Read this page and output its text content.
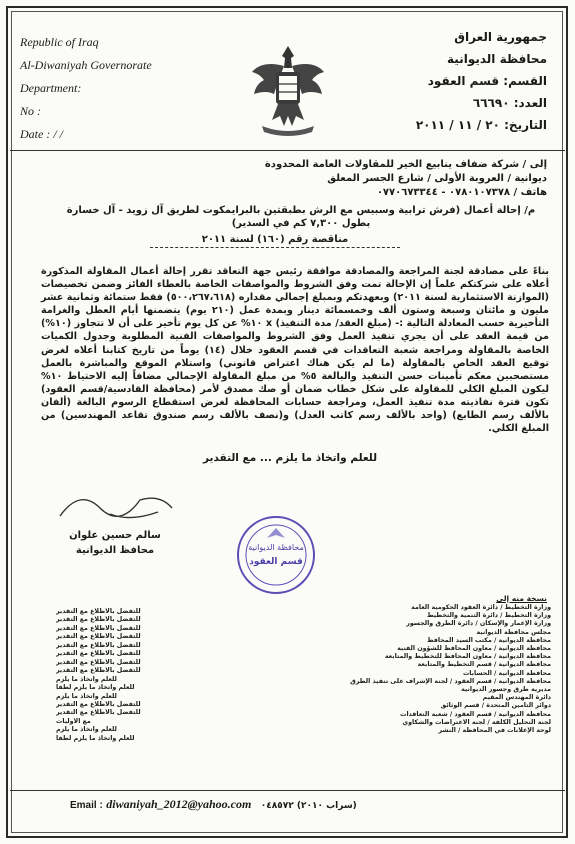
Republic of Iraq
Al-Diwaniyah Governorate
Department:
No :
Date : / /
جمهورية العراق
محافظة الديوانية
القسم: قسم العقود
العدد: ٦٦٦٩٠
التاريخ: ٢٠ / ١١ / ٢٠١١
إلى / شركة ضفاف ينابيع الخير للمقاولات العامة المحدودة
ديوانية / العروبة الأولى / شارع الجسر المعلق
هاتف / ٠٧٨٠١٠٧٣٧٨ - ٠٧٧٠٦٧٣٣٤٤
م/ إحالة أعمال (فرش ترابية وسبيس مع الرش بطبقتين بالبرايمكوت لطريق آل زويد - آل خسارة بطول ٧,٣٠٠ كم في السدير)
مناقصة رقم (١٦٠) لسنة ٢٠١١
بناءً على مصادقة لجنة المراجعة والمصادقة موافقة رئيس جهة التعاقد تقرر إحالة أعمال المقاولة المذكورة أعلاه على شركتكم علماً إن الإحالة تمت وفق الشروط والمواصفات الخاصة بالعطاء الفائز وضمن تخصيصات (الموازنة الاستثمارية لسنة ٢٠١١) وبعهدتكم وبمبلغ إجمالي مقداره (٥٠٠،٢٦٧،٦١٨) فقط ستمائة وثمانية عشر مليون و مائتان وسبعة وستون ألف وخمسمائة دينار وبمدة عمل (٢١٠ يوم) يتضمنها أيام العطل والغرامة التأخيرية حسب المعادلة التالية :- (مبلغ العقد/ مدة التنفيذ) x ١٠% عن كل يوم تأخير على أن لا تتجاوز (١٠%) من قيمة العقد على أن يجري تنفيذ العمل وفق الشروط والمواصفات الفنية المطلوبة وجدول الكميات الخاصة بالمقاولة ومراجعة شعبة التعاقدات في قسم العقود خلال (١٤) يوماً من تاريخ كتابنا أعلاه لغرض توقيع العقد الخاص بالمقاولة (ما لم يكن هناك اعتراض قانوني) واستلام الموقع والمباشرة بالعمل مستصحبين معكم تأمينات حسن التنفيذ والبالغة ٥% من مبلغ المقاولة الإجمالي مضافاً إليه الاحتياط ١٠% ليكون المبلغ الكلي للمقاولة على شكل خطاب ضمان أو صك مصدق لأمر (محافظة القادسية/قسم العقود) تكون فترة نفاذيته مدة تنفيذ العمل، ومراجعة حسابات المحافظة لغرض استقطاع الرسوم البالغة (ألفان بالألف رسم الطابع) (واحد بالألف رسم كاتب العدل) و(نصف بالألف رسم صندوق تقاعد المهندسين) من المبلغ الكلي.
للعلم واتخاذ ما يلزم ... مع التقدير
سالم حسين علوان
محافظ الديوانية	محافظة الديوانية
قسم العقود
نسخة منه إلى
وزارة التخطيط / دائرة العقود الحكومية العامة
وزارة التخطيط / دائرة التنمية والتخطيط
وزارة الإعمار والإسكان / دائرة الطرق والجسور
مجلس محافظة الديوانية
محافظة الديوانية / مكتب السيد المحافظ
محافظة الديوانية / معاون المحافظ للشؤون الفنية
محافظة الديوانية / معاون المحافظ للتخطيط والمتابعة
محافظة الديوانية / قسم التخطيط والمتابعة
محافظة الديوانية / الحسابات
محافظة الديوانية / قسم العقود / لجنة الإشراف على تنفيذ الطرق
مديرية طرق وجسور الديوانية
دائرة المهندس المقيم
دوائر التأمين المتحدة / قسم الوثائق
محافظة الديوانية / قسم العقود / شعبة التعاقدات
لجنة التحليل الكلفة / لجنة الاعتراضات والشكاوي
لوحة الإعلانات في المحافظة / النشر
للتفضل بالاطلاع مع التقدير
للتفضل بالاطلاع مع التقدير
للتفضل بالاطلاع مع التقدير
للتفضل بالاطلاع مع التقدير
للتفضل بالاطلاع مع التقدير
للتفضل بالاطلاع مع التقدير
للتفضل بالاطلاع مع التقدير
للتفضل بالاطلاع مع التقدير
للعلم واتخاذ ما يلزم
للعلم واتخاذ ما يلزم لطفاً
للعلم واتخاذ ما يلزم
للتفضل بالاطلاع مع التقدير
للتفضل بالاطلاع مع التقدير
مع الأوليات
للعلم واتخاذ ما يلزم
للعلم واتخاذ ما يلزم لطفاً
Email : diwaniyah_2012@yahoo.com (سراب ٢٠١٠) ٠٤٨٥٧٢
